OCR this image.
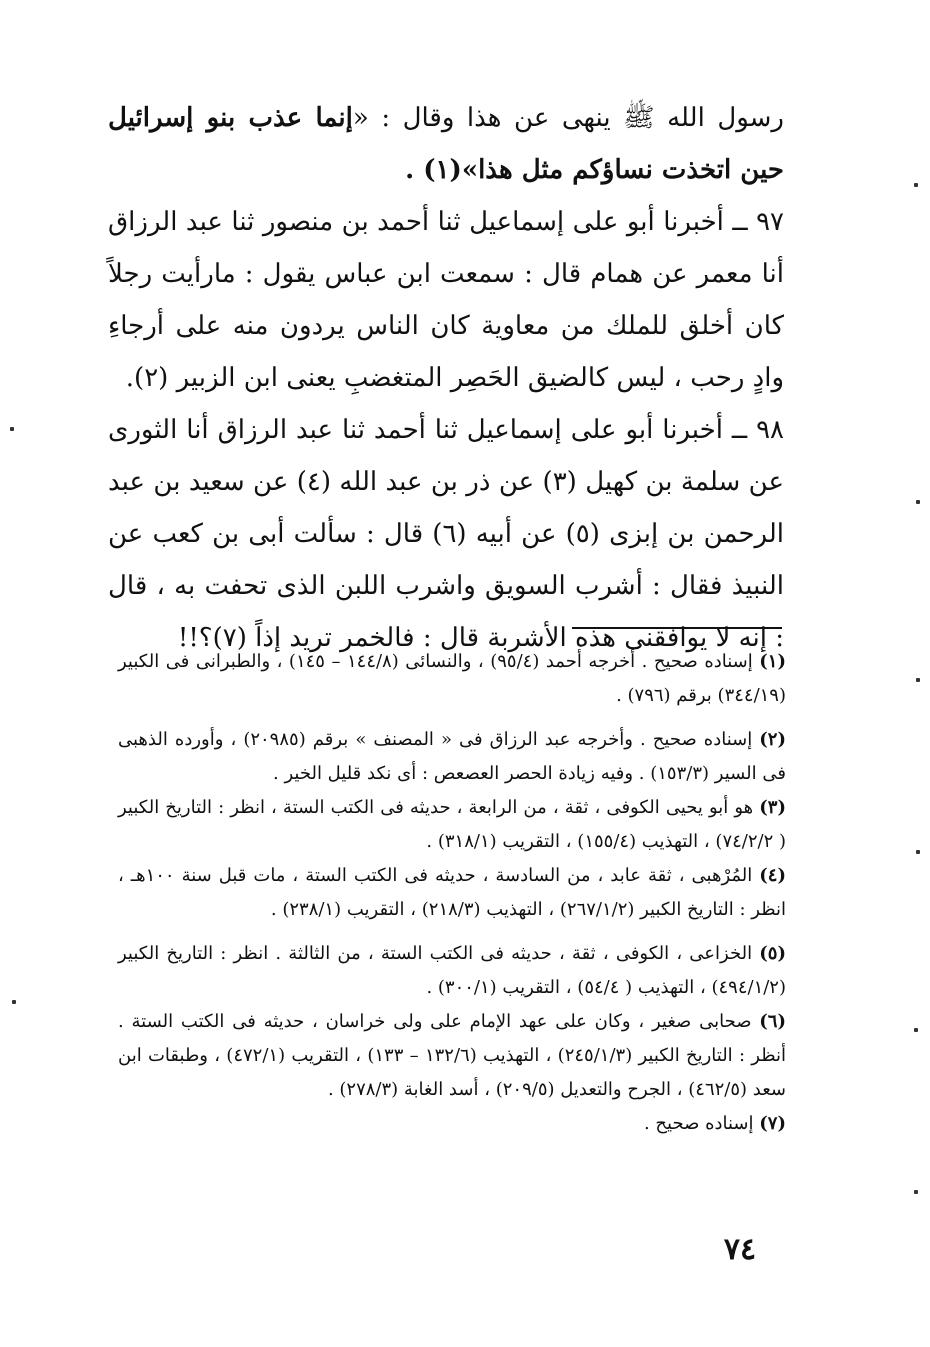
رسول الله ﷺ ينهى عن هذا وقال : «إنما عذب بنو إسرائيل حين اتخذت نساؤكم مثل هذا»(١) .

٩٧ ــ أخبرنا أبو على إسماعيل ثنا أحمد بن منصور ثنا عبد الرزاق أنا معمر عن همام قال : سمعت ابن عباس يقول : مارأيت رجلاً كان أخلق للملك من معاوية كان الناس يردون منه على أرجاءِ وادٍ رحب ، ليس كالضيق الحَصِر المتغضبِ يعنى ابن الزبير (٢).

٩٨ ــ أخبرنا أبو على إسماعيل ثنا أحمد ثنا عبد الرزاق أنا الثورى عن سلمة بن كهيل (٣) عن ذر بن عبد الله (٤) عن سعيد بن عبد الرحمن بن إبزى (٥) عن أبيه (٦) قال : سألت أبى بن كعب عن النبيذ فقال : أشرب السويق واشرب اللبن الذى تحفت به ، قال : إنه لا يوافقنى هذه الأشربة قال : فالخمر تريد إذاً (٧)؟!!

(١) إسناده صحيح . أخرجه أحمد (٩٥/٤) ، والنسائى (١٤٤/٨ – ١٤٥) ، والطبرانى فى الكبير (٣٤٤/١٩) برقم (٧٩٦) .

(٢) إسناده صحيح . وأخرجه عبد الرزاق فى « المصنف » برقم (٢٠٩٨٥) ، وأورده الذهبى فى السير (١٥٣/٣) . وفيه زيادة الحصر العصعص : أى نكد قليل الخير .

(٣) هو أبو يحيى الكوفى ، ثقة ، من الرابعة ، حديثه فى الكتب الستة ، انظر : التاريخ الكبير ( ٧٤/٢/٢) ، التهذيب (١٥٥/٤) ، التقريب (٣١٨/١) .

(٤) المُرْهبى ، ثقة عابد ، من السادسة ، حديثه فى الكتب الستة ، مات قبل سنة ١٠٠هـ ، انظر : التاريخ الكبير (٢٦٧/١/٢) ، التهذيب (٢١٨/٣) ، التقريب (٢٣٨/١) .

(٥) الخزاعى ، الكوفى ، ثقة ، حديثه فى الكتب الستة ، من الثالثة . انظر : التاريخ الكبير (٤٩٤/١/٢) ، التهذيب ( ٥٤/٤) ، التقريب (٣٠٠/١) .

(٦) صحابى صغير ، وكان على عهد الإمام على ولى خراسان ، حديثه فى الكتب الستة . أنظر : التاريخ الكبير (٢٤٥/١/٣) ، التهذيب (١٣٢/٦ – ١٣٣) ، التقريب (٤٧٢/١) ، وطبقات ابن سعد (٤٦٢/٥) ، الجرح والتعديل (٢٠٩/٥) ، أسد الغابة (٢٧٨/٣) .

(٧) إسناده صحيح .

٧٤
